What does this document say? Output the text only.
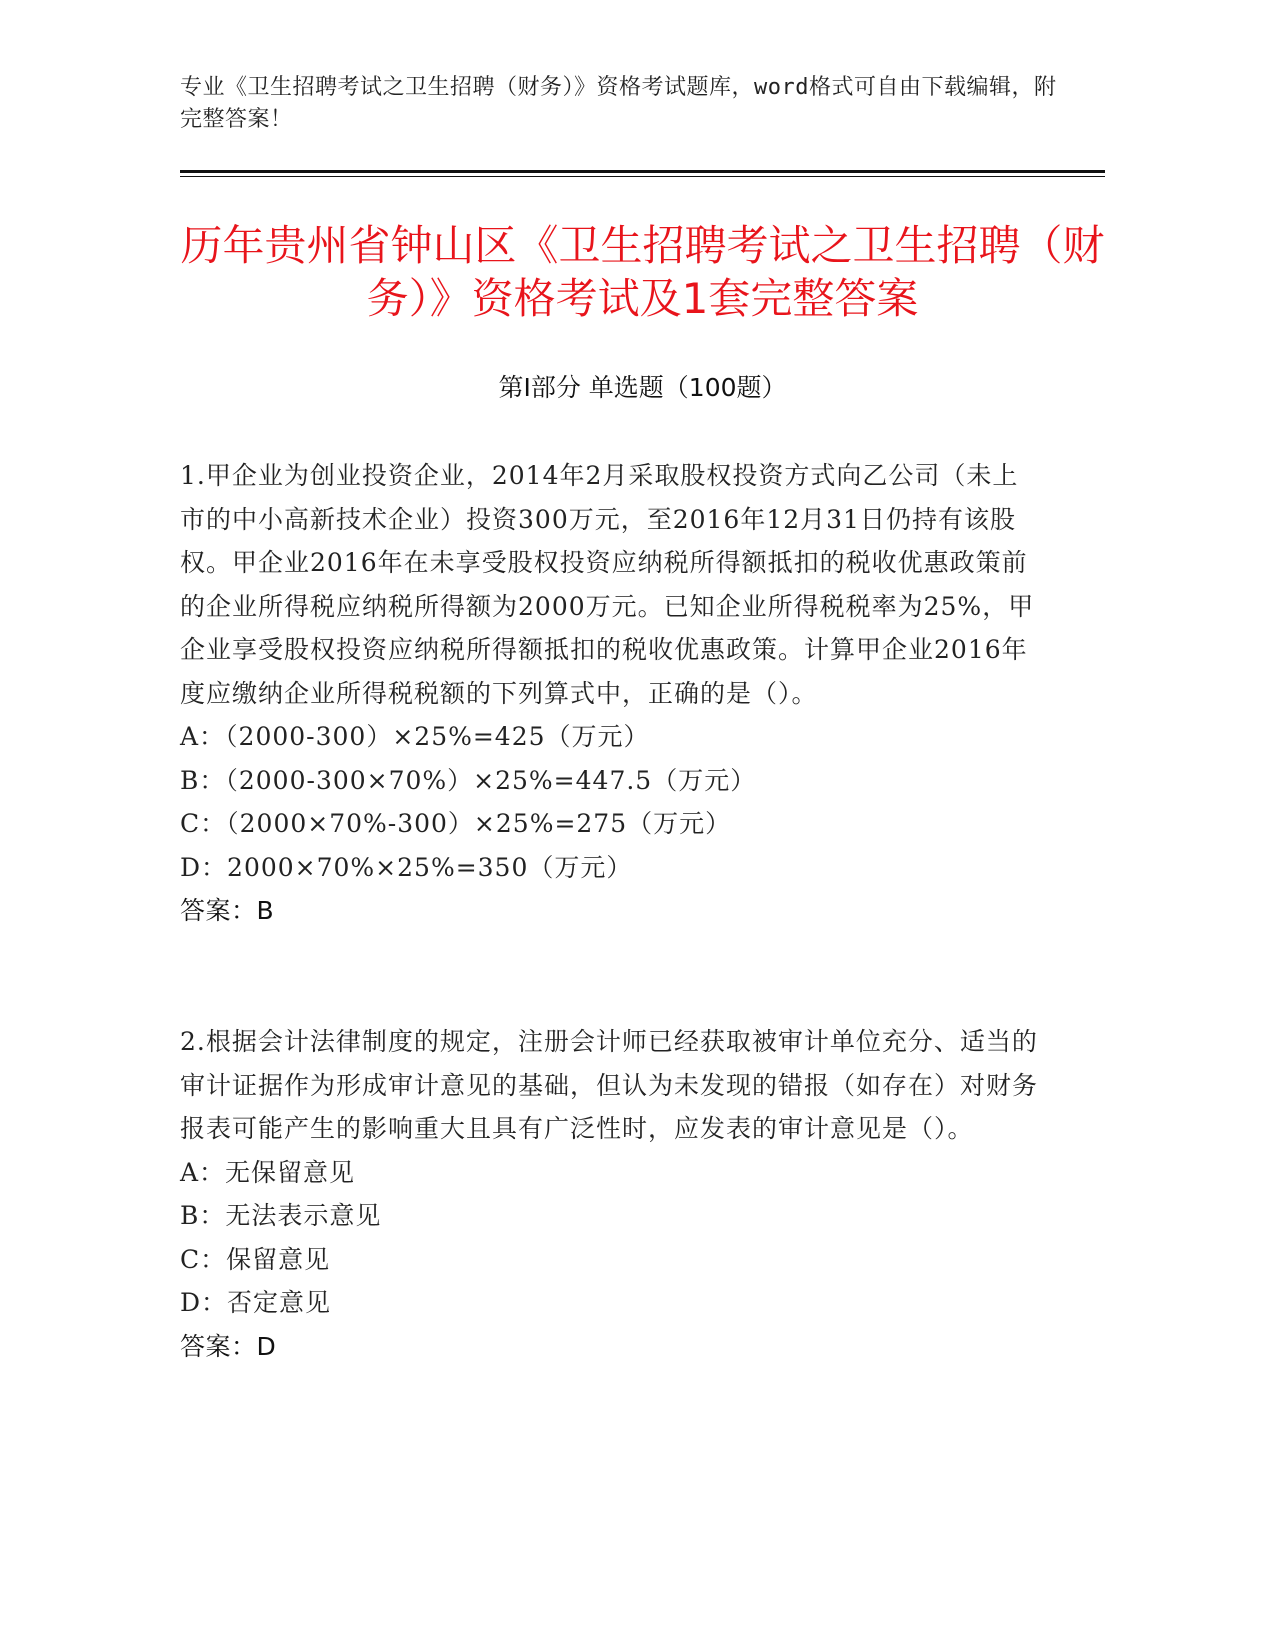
专业《卫生招聘考试之卫生招聘（财务）》资格考试题库，word格式可自由下载编辑，附完整答案！
历年贵州省钟山区《卫生招聘考试之卫生招聘（财务）》资格考试及1套完整答案
第Ⅰ部分 单选题（100题）

1.甲企业为创业投资企业，2014年2月采取股权投资方式向乙公司（未上市的中小高新技术企业）投资300万元，至2016年12月31日仍持有该股权。甲企业2016年在未享受股权投资应纳税所得额抵扣的税收优惠政策前的企业所得税应纳税所得额为2000万元。已知企业所得税税率为25%，甲企业享受股权投资应纳税所得额抵扣的税收优惠政策。计算甲企业2016年度应缴纳企业所得税税额的下列算式中，正确的是（）。

A：（2000-300）×25%=425（万元）

B：（2000-300×70%）×25%=447.5（万元）

C：（2000×70%-300）×25%=275（万元）

D：2000×70%×25%=350（万元）

答案：B

2.根据会计法律制度的规定，注册会计师已经获取被审计单位充分、适当的审计证据作为形成审计意见的基础，但认为未发现的错报（如存在）对财务报表可能产生的影响重大且具有广泛性时，应发表的审计意见是（）。

A：无保留意见

B：无法表示意见

C：保留意见

D：否定意见

答案：D
